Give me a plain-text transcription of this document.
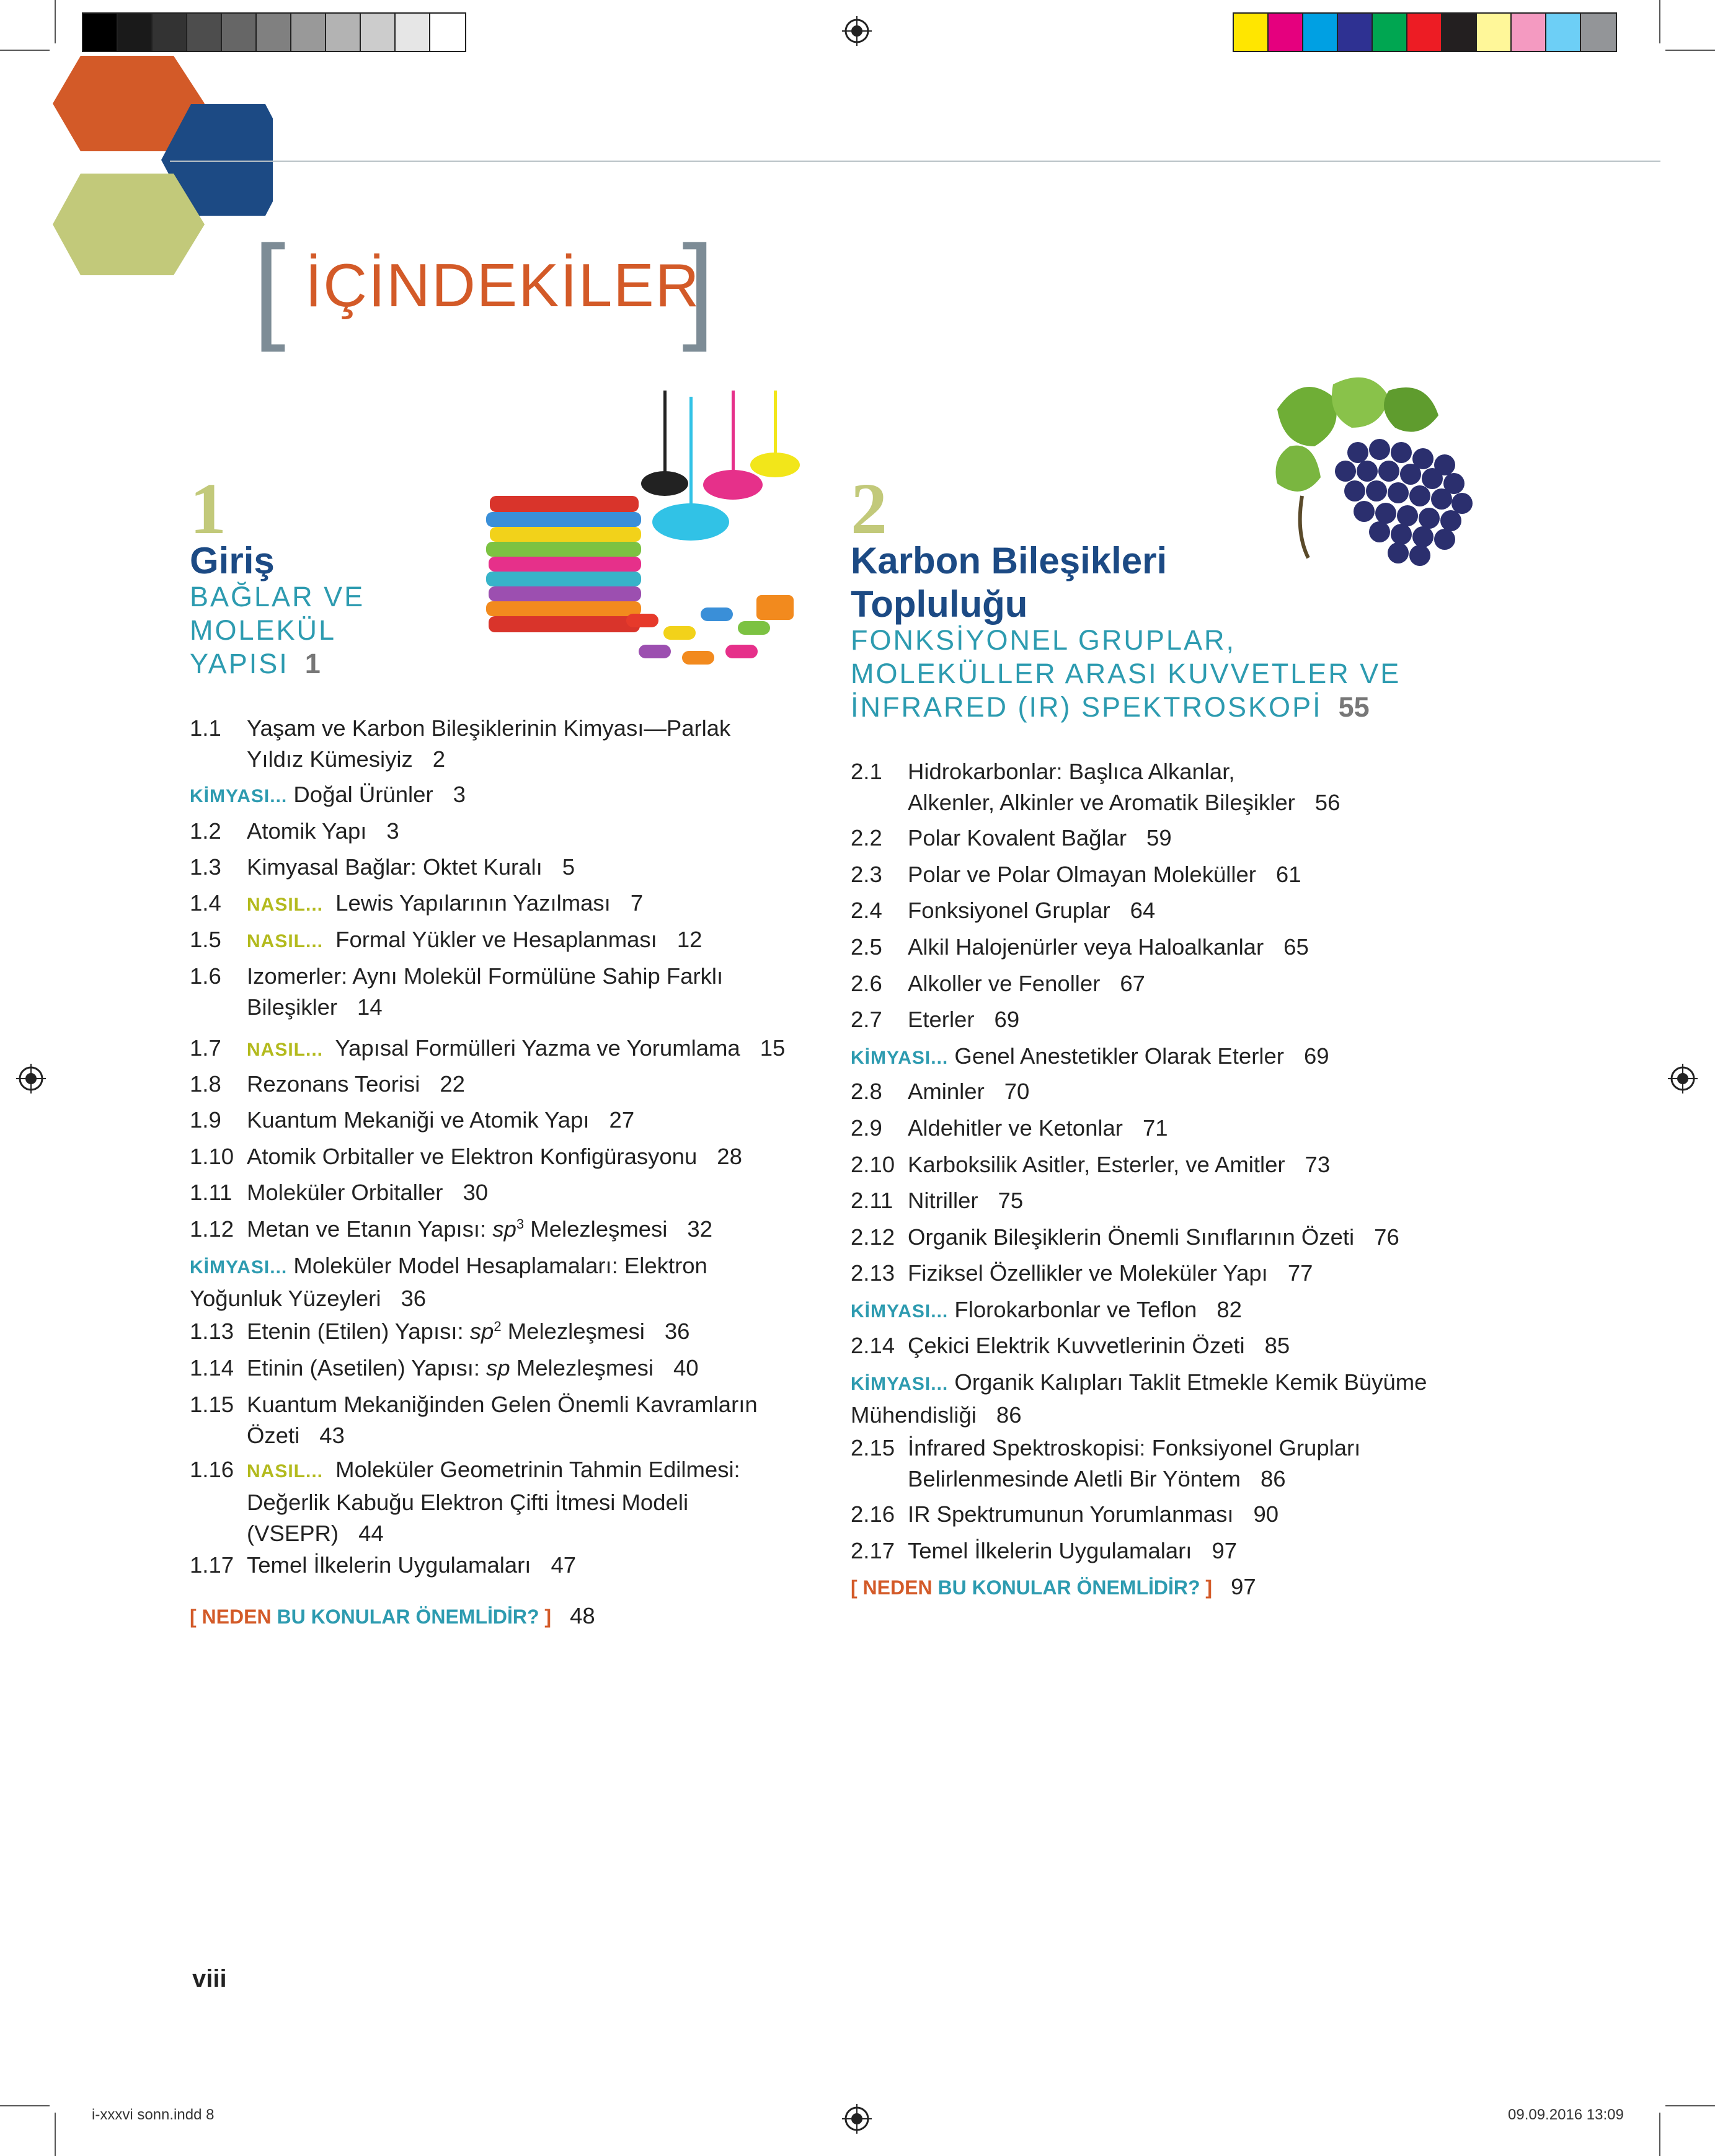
[ İÇİNDEKİLER
]
1
Giriş
BAĞLAR VE
MOLEKÜL
YAPISI 1
1.1 Yaşam ve Karbon Bileşiklerinin Kimyası—Parlak
Yıldız Kümesiyiz 2
KİMYASI... Doğal Ürünler 3
1.2 Atomik Yapı 3
1.3 Kimyasal Bağlar: Oktet Kuralı 5
1.4 NASIL... Lewis Yapılarının Yazılması 7
1.5 NASIL... Formal Yükler ve Hesaplanması 12
1.6 Izomerler: Aynı Molekül Formülüne Sahip Farklı
Bileşikler 14
1.7 NASIL... Yapısal Formülleri Yazma ve Yorumlama 15
1.8 Rezonans Teorisi 22
1.9 Kuantum Mekaniği ve Atomik Yapı 27
1.10 Atomik Orbitaller ve Elektron Konfigürasyonu 28
1.11 Moleküler Orbitaller 30
1.12 Metan ve Etanın Yapısı: $sp^3$ Melezleşmesi 32
KİMYASI... Moleküler Model Hesaplamaları: Elektron
Yoğunluk Yüzeyleri 36
1.13 Etenin (Etilen) Yapısı: $sp^2$ Melezleşmesi 36
1.14 Etinin (Asetilen) Yapısı: sp Melezleşmesi 40
1.15 Kuantum Mekaniğinden Gelen Önemli Kavramların
Özeti 43
1.16 NASIL... Moleküler Geometrinin Tahmin Edilmesi:
Değerlik Kabuğu Elektron Çifti İtmesi Modeli
(VSEPR) 44
1.17 Temel İlkelerin Uygulamaları 47
[ NEDEN BU KONULAR ÖNEMLİDİR? ] 48
2
Karbon Bileşikleri
Topluluğu
FONKSİYONEL GRUPLAR,
MOLEKÜLLER ARASI KUVVETLER VE
İNFRARED (IR) SPEKTROSKOPİ 55
2.1 Hidrokarbonlar: Başlıca Alkanlar,
Alkenler, Alkinler ve Aromatik Bileşikler 56
2.2 Polar Kovalent Bağlar 59
2.3 Polar ve Polar Olmayan Moleküller 61
2.4 Fonksiyonel Gruplar 64
2.5 Alkil Halojenürler veya Haloalkanlar 65
2.6 Alkoller ve Fenoller 67
2.7 Eterler 69
KİMYASI... Genel Anestetikler Olarak Eterler 69
2.8 Aminler 70
2.9 Aldehitler ve Ketonlar 71
2.10 Karboksilik Asitler, Esterler, ve Amitler 73
2.11 Nitriller 75
2.12 Organik Bileşiklerin Önemli Sınıflarının Özeti 76
2.13 Fiziksel Özellikler ve Moleküler Yapı 77
KİMYASI... Florokarbonlar ve Teflon 82
2.14 Çekici Elektrik Kuvvetlerinin Özeti 85
KİMYASI... Organik Kalıpları Taklit Etmekle Kemik Büyüme
Mühendisliği 86
2.15 İnfrared Spektroskopisi: Fonksiyonel Grupları
Belirlenmesinde Aletli Bir Yöntem 86
2.16 IR Spektrumunun Yorumlanması 90
2.17 Temel İlkelerin Uygulamaları 97
[ NEDEN BU KONULAR ÖNEMLİDİR? ] 97
viii
i-xxxvi sonn.indd 8	09.09.2016 13:09
